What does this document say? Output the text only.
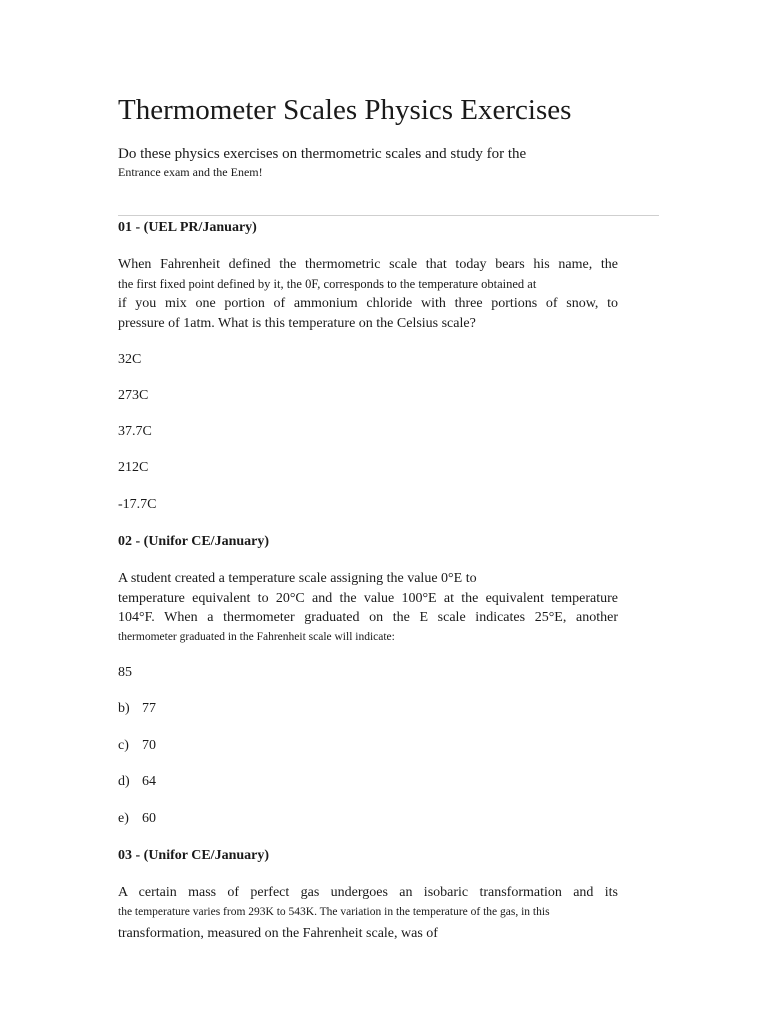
Thermometer Scales Physics Exercises
Do these physics exercises on thermometric scales and study for the
Entrance exam and the Enem!
01 - (UEL PR/January)
When Fahrenheit defined the thermometric scale that today bears his name, the
the first fixed point defined by it, the 0F, corresponds to the temperature obtained at
if you mix one portion of ammonium chloride with three portions of snow, to
pressure of 1atm. What is this temperature on the Celsius scale?
32C
273C
37.7C
212C
-17.7C
02 - (Unifor CE/January)
A student created a temperature scale assigning the value 0°E to
temperature equivalent to 20°C and the value 100°E at the equivalent temperature
104°F. When a thermometer graduated on the E scale indicates 25°E, another
thermometer graduated in the Fahrenheit scale will indicate:
85
b) 77
c) 70
d) 64
e) 60
03 - (Unifor CE/January)
A certain mass of perfect gas undergoes an isobaric transformation and its
the temperature varies from 293K to 543K. The variation in the temperature of the gas, in this
transformation, measured on the Fahrenheit scale, was of
